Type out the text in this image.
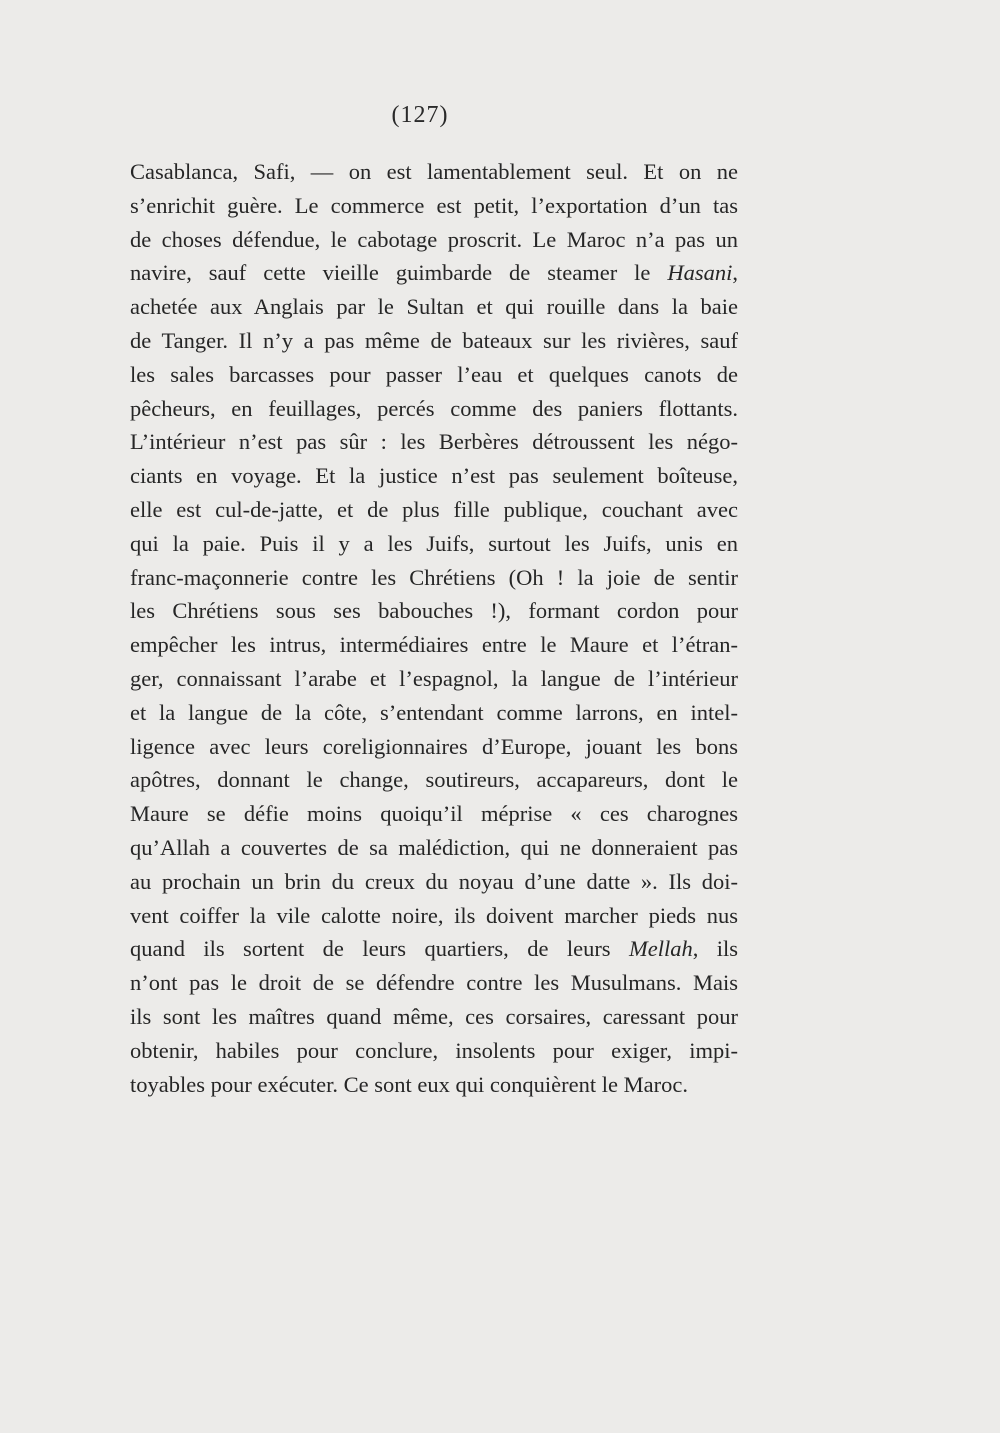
(127)
Casablanca, Safi, — on est lamentablement seul. Et on ne
s’enrichit guère. Le commerce est petit, l’exportation d’un tas
de choses défendue, le cabotage proscrit. Le Maroc n’a pas un
navire, sauf cette vieille guimbarde de steamer le Hasani,
achetée aux Anglais par le Sultan et qui rouille dans la baie
de Tanger. Il n’y a pas même de bateaux sur les rivières, sauf
les sales barcasses pour passer l’eau et quelques canots de
pêcheurs, en feuillages, percés comme des paniers flottants.
L’intérieur n’est pas sûr : les Berbères détroussent les négo-
ciants en voyage. Et la justice n’est pas seulement boîteuse,
elle est cul-de-jatte, et de plus fille publique, couchant avec
qui la paie. Puis il y a les Juifs, surtout les Juifs, unis en
franc-maçonnerie contre les Chrétiens (Oh ! la joie de sentir
les Chrétiens sous ses babouches !), formant cordon pour
empêcher les intrus, intermédiaires entre le Maure et l’étran-
ger, connaissant l’arabe et l’espagnol, la langue de l’intérieur
et la langue de la côte, s’entendant comme larrons, en intel-
ligence avec leurs coreligionnaires d’Europe, jouant les bons
apôtres, donnant le change, soutireurs, accapareurs, dont le
Maure se défie moins quoiqu’il méprise « ces charognes
qu’Allah a couvertes de sa malédiction, qui ne donneraient pas
au prochain un brin du creux du noyau d’une datte ». Ils doi-
vent coiffer la vile calotte noire, ils doivent marcher pieds nus
quand ils sortent de leurs quartiers, de leurs Mellah, ils
n’ont pas le droit de se défendre contre les Musulmans. Mais
ils sont les maîtres quand même, ces corsaires, caressant pour
obtenir, habiles pour conclure, insolents pour exiger, impi-
toyables pour exécuter. Ce sont eux qui conquièrent le Maroc.
